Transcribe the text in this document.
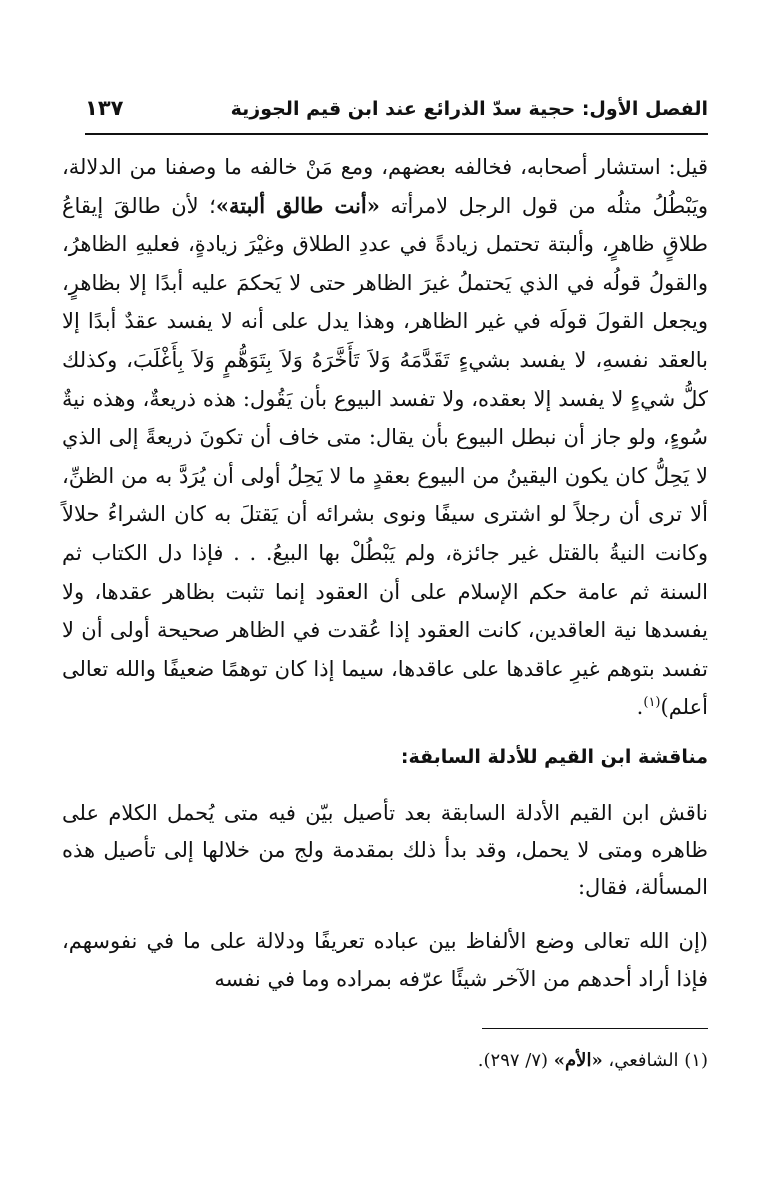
الفصل الأول: حجية سدّ الذرائع عند ابن قيم الجوزية
١٣٧

قيل: استشار أصحابه، فخالفه بعضهم، ومع مَنْ خالفه ما وصفنا من الدلالة، ويَبْطُلُ مثلُه من قول الرجل لامرأته «أنت طالق ألبتة»؛ لأن طالقَ إيقاعُ طلاقٍ ظاهرٍ، وألبتة تحتمل زيادةً في عددِ الطلاق وغيْرَ زيادةٍ، فعليهِ الظاهرُ، والقولُ قولُه في الذي يَحتملُ غيرَ الظاهر حتى لا يَحكمَ عليه أبدًا إلا بظاهرٍ، ويجعل القولَ قولَه في غير الظاهر، وهذا يدل على أنه لا يفسد عقدٌ أبدًا إلا بالعقد نفسهِ، لا يفسد بشيءٍ تَقَدَّمَهُ وَلاَ تَأَخَّرَهُ وَلاَ بِتَوَهُّمٍ وَلاَ بِأَغْلَبَ، وكذلك كلُّ شيءٍ لا يفسد إلا بعقده، ولا تفسد البيوع بأن يَقُول: هذه ذريعةٌ، وهذه نيةٌ سُوءٍ، ولو جاز أن نبطل البيوع بأن يقال: متى خاف أن تكونَ ذريعةً إلى الذي لا يَحِلُّ كان يكون اليقينُ من البيوع بعقدٍ ما لا يَحِلُ أولى أن يُرَدَّ به من الظنِّ، ألا ترى أن رجلاً لو اشترى سيفًا ونوى بشرائه أن يَقتلَ به كان الشراءُ حلالاً وكانت النيةُ بالقتل غير جائزة، ولم يَبْطُلْ بها البيعُ. . . فإذا دل الكتاب ثم السنة ثم عامة حكم الإسلام على أن العقود إنما تثبت بظاهر عقدها، ولا يفسدها نية العاقدين، كانت العقود إذا عُقدت في الظاهر صحيحة أولى أن لا تفسد بتوهم غيرِ عاقدها على عاقدها، سيما إذا كان توهمًا ضعيفًا والله تعالى أعلم)$^{(١)}$.

مناقشة ابن القيم للأدلة السابقة:

ناقش ابن القيم الأدلة السابقة بعد تأصيل بيّن فيه متى يُحمل الكلام على ظاهره ومتى لا يحمل، وقد بدأ ذلك بمقدمة ولج من خلالها إلى تأصيل هذه المسألة، فقال:

(إن الله تعالى وضع الألفاظ بين عباده تعريفًا ودلالة على ما في نفوسهم، فإذا أراد أحدهم من الآخر شيئًا عرّفه بمراده وما في نفسه

(١) الشافعي، «الأم» (٧/ ٢٩٧).
